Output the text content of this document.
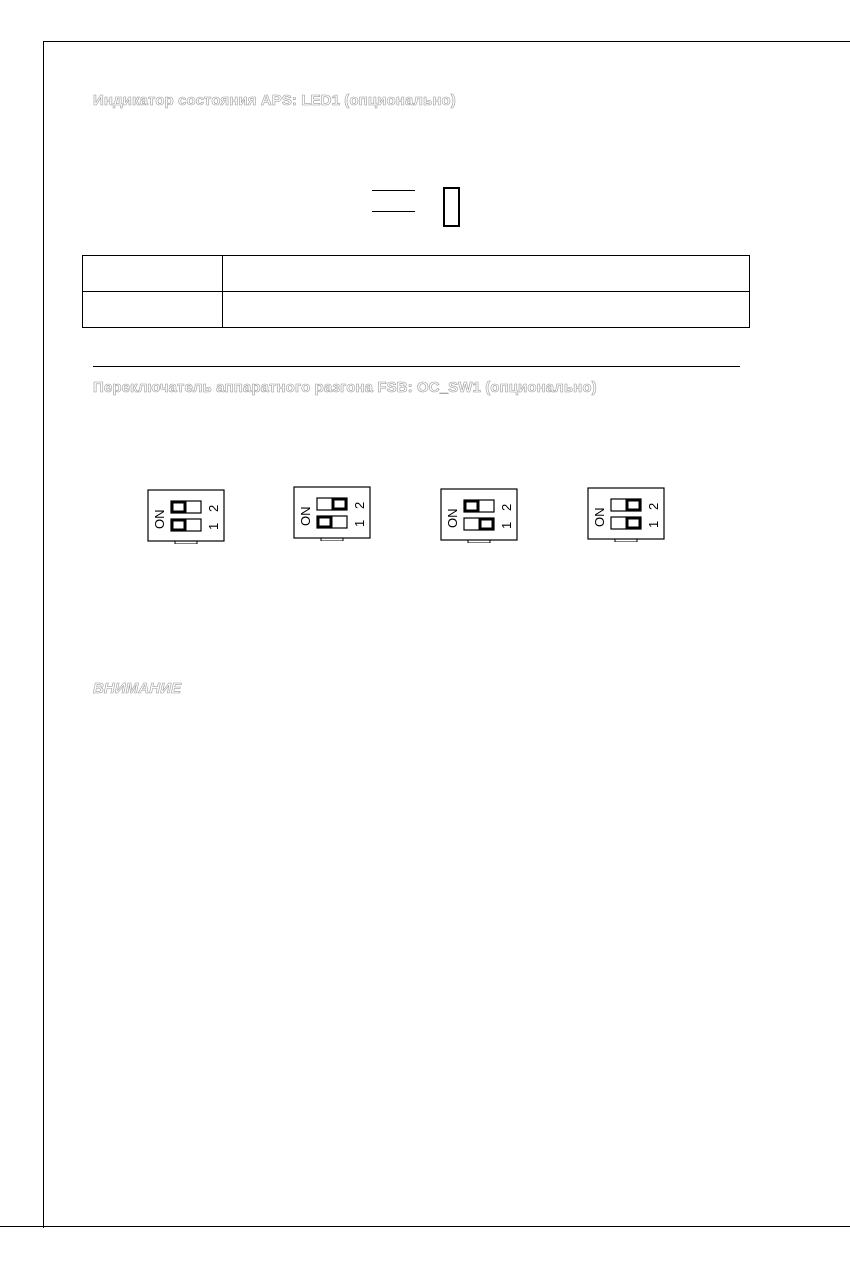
Индикатор состояния APS: LED1 (опционально)

Переключатель аппаратного разгона FSB: OC_SW1 (опционально)
ON
2
1
ON
2
1	ON
2
1	ON
2
1
ВНИМАНИЕ
